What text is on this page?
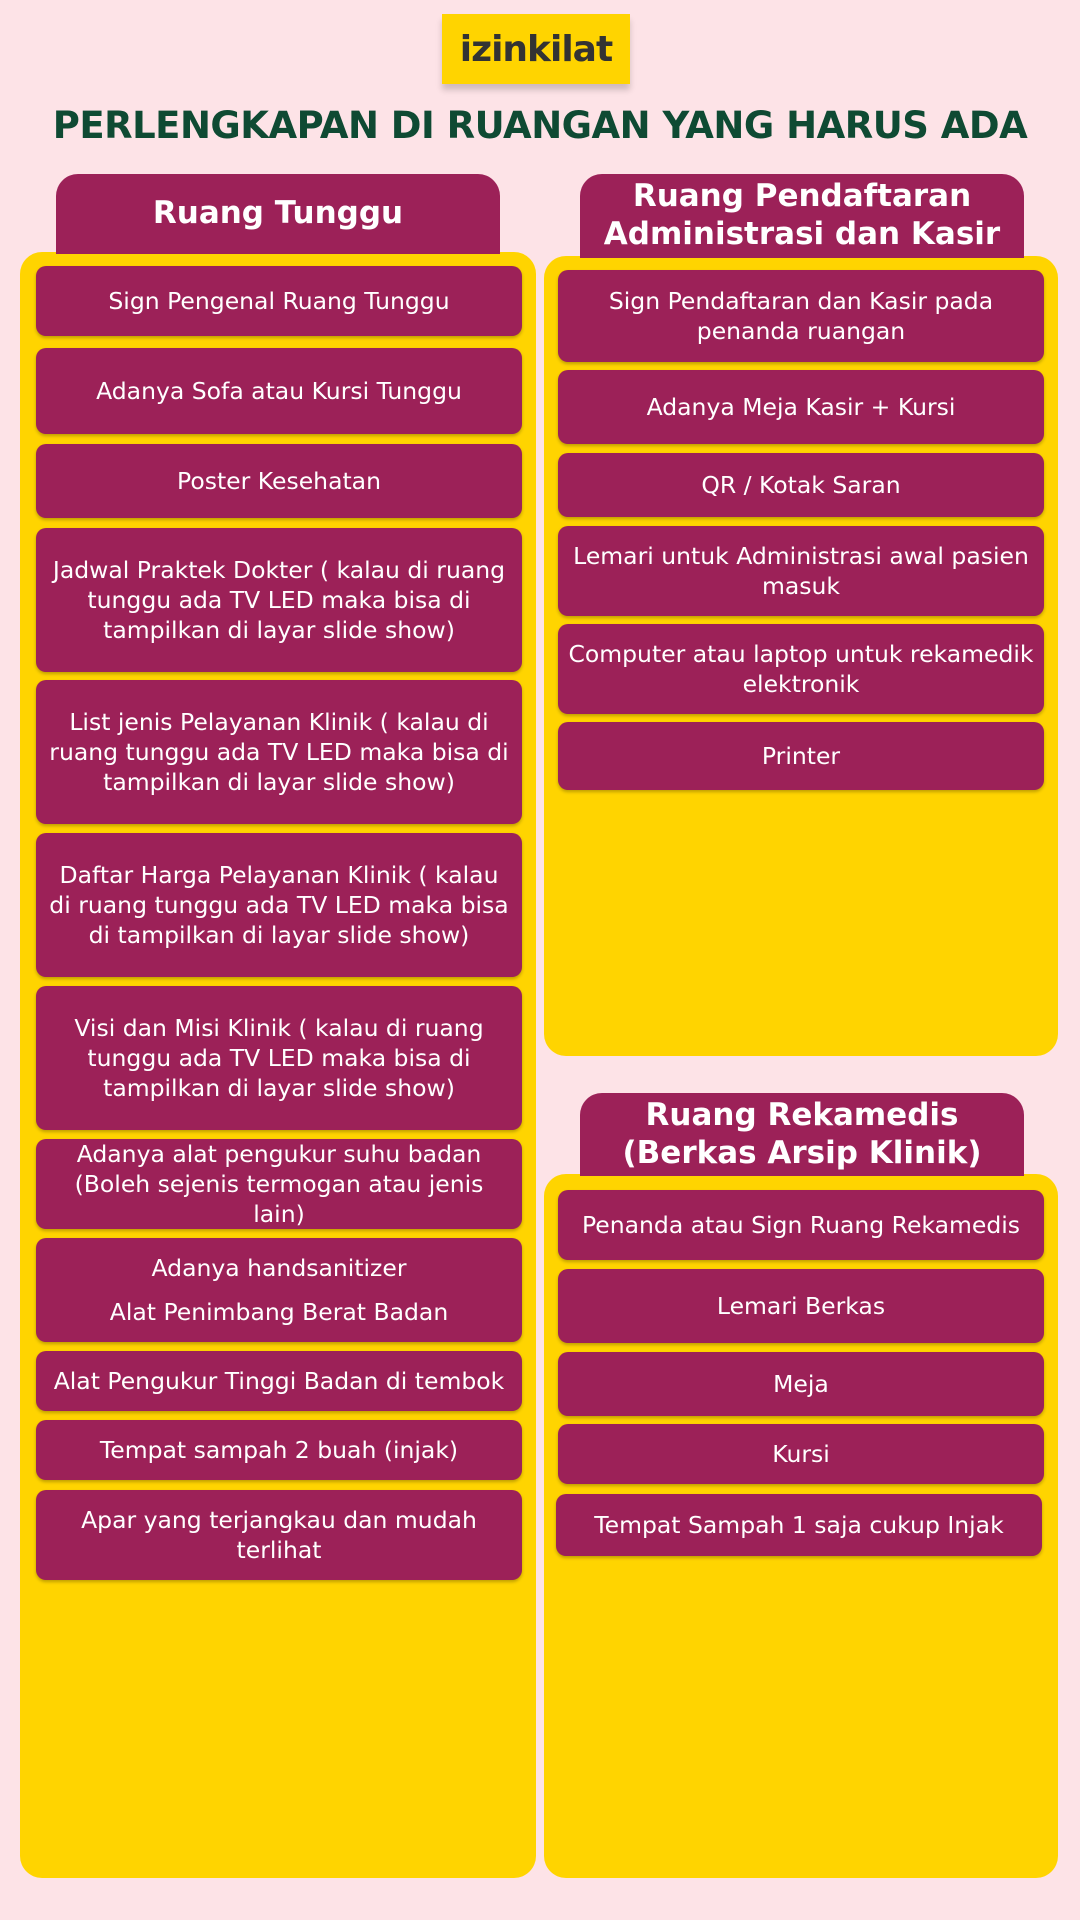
izinkilat
PERLENGKAPAN DI RUANGAN YANG HARUS ADA
Ruang Tunggu
Sign Pengenal Ruang Tunggu
Adanya Sofa atau Kursi Tunggu
Poster Kesehatan
Jadwal Praktek Dokter ( kalau di ruang tunggu ada TV LED maka bisa di tampilkan di layar slide show)
List jenis Pelayanan Klinik ( kalau di ruang tunggu ada TV LED maka bisa di tampilkan di layar slide show)
Daftar Harga Pelayanan Klinik ( kalau di ruang tunggu ada TV LED maka bisa di tampilkan di layar slide show)
Visi dan Misi Klinik ( kalau di ruang tunggu ada TV LED maka bisa di tampilkan di layar slide show)
Adanya alat pengukur suhu badan (Boleh sejenis termogan atau jenis lain)
Adanya handsanitizer
Alat Penimbang Berat Badan
Alat Pengukur Tinggi Badan di tembok
Tempat sampah 2 buah (injak)
Apar yang terjangkau dan mudah terlihat
Ruang Pendaftaran Administrasi dan Kasir
Sign Pendaftaran dan Kasir pada penanda ruangan
Adanya Meja Kasir + Kursi
QR / Kotak Saran
Lemari untuk Administrasi awal pasien masuk
Computer atau laptop untuk rekamedik elektronik
Printer
Ruang Rekamedis (Berkas Arsip Klinik)
Penanda atau Sign Ruang Rekamedis
Lemari Berkas
Meja
Kursi
Tempat Sampah 1 saja cukup Injak
